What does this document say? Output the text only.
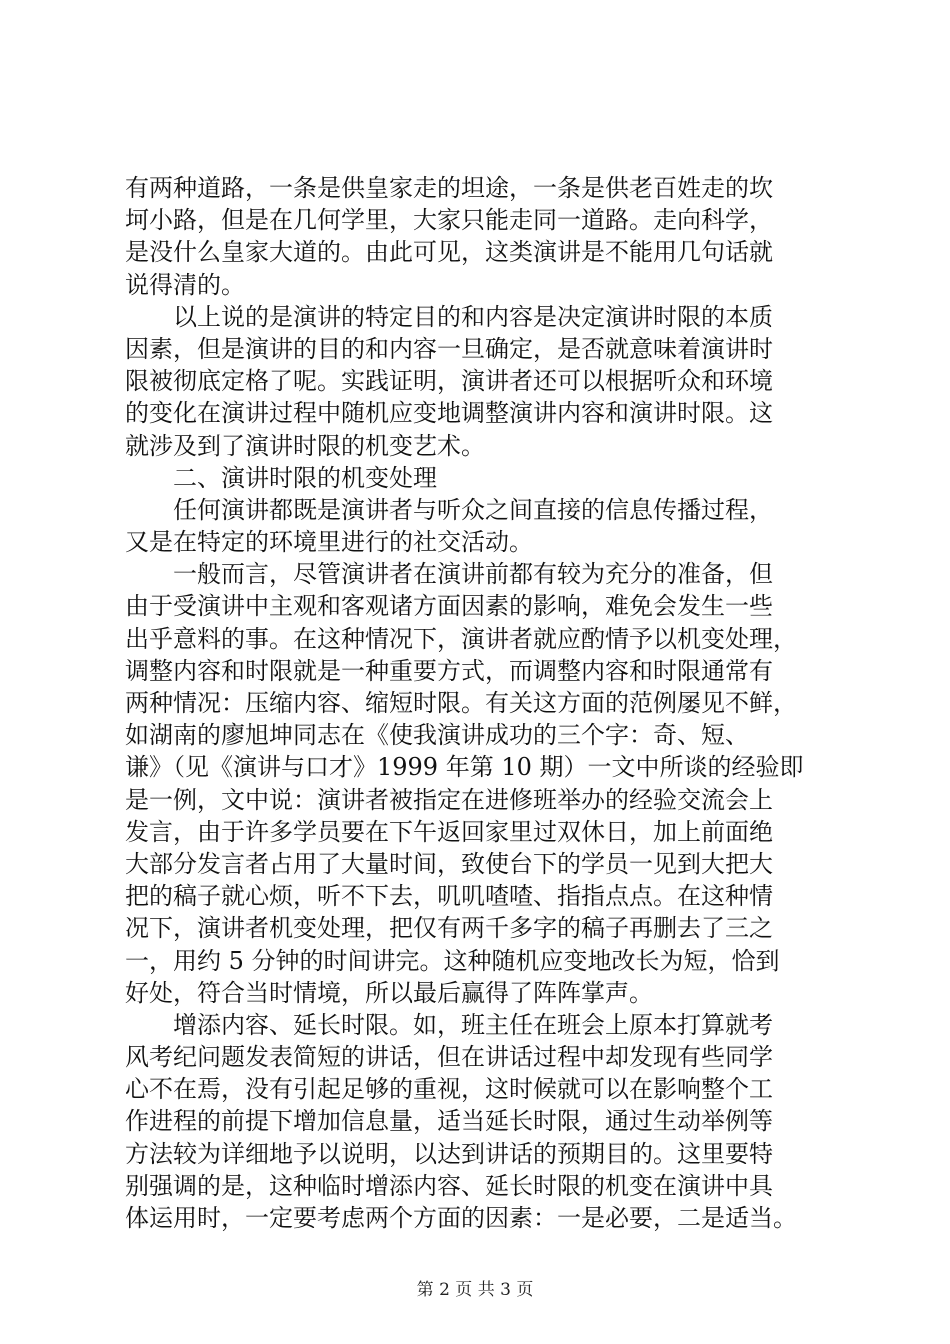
有两种道路，一条是供皇家走的坦途，一条是供老百姓走的坎
坷小路，但是在几何学里，大家只能走同一道路。走向科学，
是没什么皇家大道的。由此可见，这类演讲是不能用几句话就
说得清的。
　　以上说的是演讲的特定目的和内容是决定演讲时限的本质
因素，但是演讲的目的和内容一旦确定，是否就意味着演讲时
限被彻底定格了呢。实践证明，演讲者还可以根据听众和环境
的变化在演讲过程中随机应变地调整演讲内容和演讲时限。这
就涉及到了演讲时限的机变艺术。
　　二、演讲时限的机变处理
　　任何演讲都既是演讲者与听众之间直接的信息传播过程，
又是在特定的环境里进行的社交活动。
　　一般而言，尽管演讲者在演讲前都有较为充分的准备，但
由于受演讲中主观和客观诸方面因素的影响，难免会发生一些
出乎意料的事。在这种情况下，演讲者就应酌情予以机变处理，
调整内容和时限就是一种重要方式，而调整内容和时限通常有
两种情况：压缩内容、缩短时限。有关这方面的范例屡见不鲜，
如湖南的廖旭坤同志在《使我演讲成功的三个字：奇、短、
谦》（见《演讲与口才》1999 年第 10 期）一文中所谈的经验即
是一例，文中说：演讲者被指定在进修班举办的经验交流会上
发言，由于许多学员要在下午返回家里过双休日，加上前面绝
大部分发言者占用了大量时间，致使台下的学员一见到大把大
把的稿子就心烦，听不下去，叽叽喳喳、指指点点。在这种情
况下，演讲者机变处理，把仅有两千多字的稿子再删去了三之
一，用约 5 分钟的时间讲完。这种随机应变地改长为短，恰到
好处，符合当时情境，所以最后赢得了阵阵掌声。
　　增添内容、延长时限。如，班主任在班会上原本打算就考
风考纪问题发表简短的讲话，但在讲话过程中却发现有些同学
心不在焉，没有引起足够的重视，这时候就可以在影响整个工
作进程的前提下增加信息量，适当延长时限，通过生动举例等
方法较为详细地予以说明，以达到讲话的预期目的。这里要特
别强调的是，这种临时增添内容、延长时限的机变在演讲中具
体运用时，一定要考虑两个方面的因素：一是必要，二是适当。
第 2 页 共 3 页
